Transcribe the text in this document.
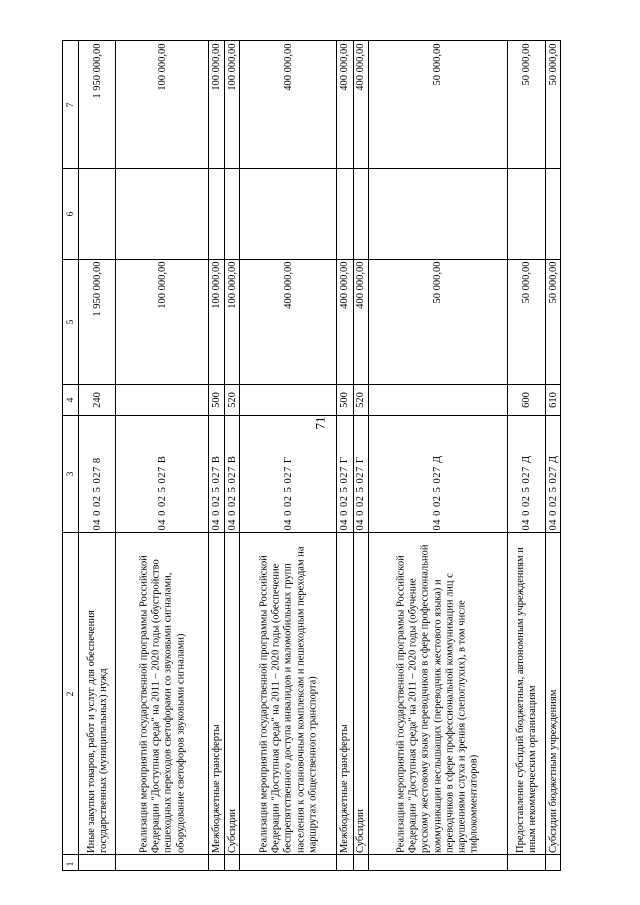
71
1
2
3
4
5
6
7
Иные закупки товаров, работ и услуг для обеспечения государственных (муниципальных) нужд
04 0 02 5 027 8
240
1 950 000,00
1 950 000,00
Реализация мероприятий государственной программы Российской Федерации "Доступная среда" на 2011 – 2020 годы (обустройство пешеходных переходов светофорами со звуковыми сигналами, оборудование светофоров звуковыми сигналами)
04 0 02 5 027 В
100 000,00
100 000,00
Межбюджетные трансферты
04 0 02 5 027 В
500
100 000,00
100 000,00
Субсидии
04 0 02 5 027 В
520
100 000,00
100 000,00
Реализация мероприятий государственной программы Российской Федерации "Доступная среда" на 2011 – 2020 годы (обеспечение беспрепятственного доступа инвалидов и маломобильных групп населения к остановочным комплексам и пешеходным переходам на маршрутах общественного транспорта)
04 0 02 5 027 Г
400 000,00
400 000,00
Межбюджетные трансферты
04 0 02 5 027 Г
500
400 000,00
400 000,00
Субсидии
04 0 02 5 027 Г
520
400 000,00
400 000,00
Реализация мероприятий государственной программы Российской Федерации "Доступная среда" на 2011 – 2020 годы (обучение русскому жестовому языку переводчиков в сфере профессиональной коммуникации неслышащих (переводчик жестового языка) и переводчиков в сфере профессиональной коммуникации лиц с нарушениями слуха и зрения (слепоглухих), в том числе тифлокомментаторов)
04 0 02 5 027 Д
50 000,00
50 000,00
Предоставление субсидий бюджетным, автономным учреждениям и иным некоммерческим организациям
04 0 02 5 027 Д
600
50 000,00
50 000,00
Субсидии бюджетным учреждениям
04 0 02 5 027 Д
610
50 000,00
50 000,00
